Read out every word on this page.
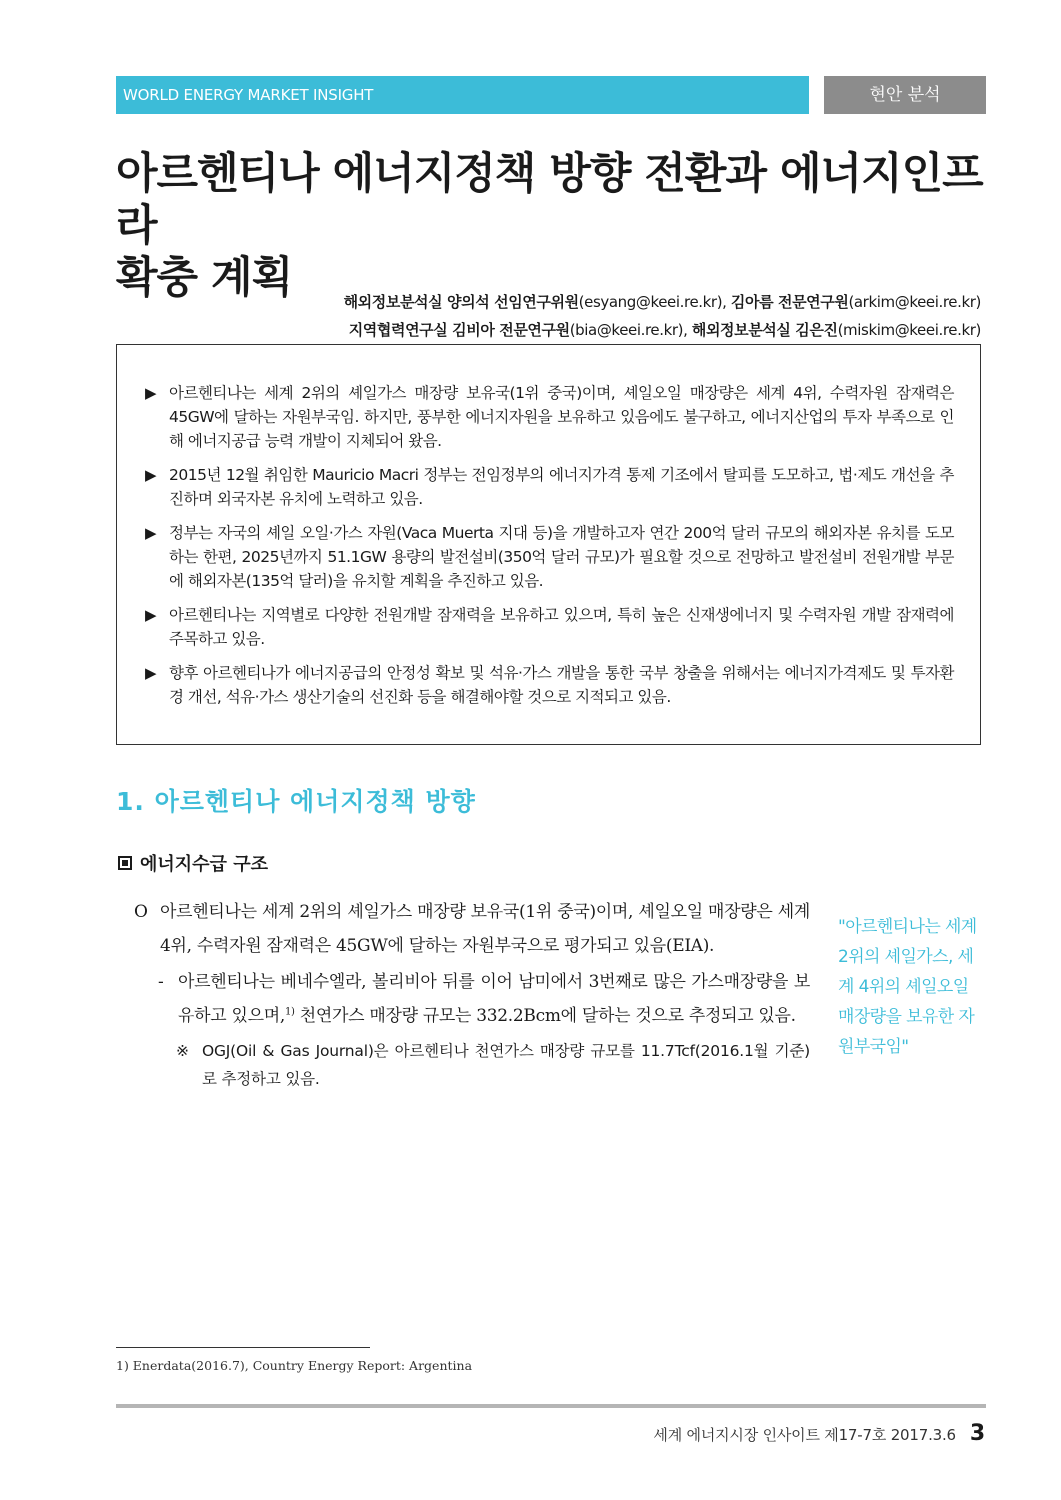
WORLD ENERGY MARKET INSIGHT	현안 분석
아르헨티나 에너지정책 방향 전환과 에너지인프라
확충 계획	해외정보분석실 양의석 선임연구위원(esyang@keei.re.kr), 김아름 전문연구원(arkim@keei.re.kr)
지역협력연구실 김비아 전문연구원(bia@keei.re.kr), 해외정보분석실 김은진(miskim@keei.re.kr)
▶ 아르헨티나는 세계 2위의 셰일가스 매장량 보유국(1위 중국)이며, 셰일오일 매장량은 세계 4위, 수력자원 잠재력은 45GW에 달하는 자원부국임. 하지만, 풍부한 에너지자원을 보유하고 있음에도 불구하고, 에너지산업의 투자 부족으로 인해 에너지공급 능력 개발이 지체되어 왔음.
▶ 2015년 12월 취임한 Mauricio Macri 정부는 전임정부의 에너지가격 통제 기조에서 탈피를 도모하고, 법·제도 개선을 추진하며 외국자본 유치에 노력하고 있음.
▶ 정부는 자국의 셰일 오일·가스 자원(Vaca Muerta 지대 등)을 개발하고자 연간 200억 달러 규모의 해외자본 유치를 도모하는 한편, 2025년까지 51.1GW 용량의 발전설비(350억 달러 규모)가 필요할 것으로 전망하고 발전설비 전원개발 부문에 해외자본(135억 달러)을 유치할 계획을 추진하고 있음.
▶ 아르헨티나는 지역별로 다양한 전원개발 잠재력을 보유하고 있으며, 특히 높은 신재생에너지 및 수력자원 개발 잠재력에 주목하고 있음.
▶ 향후 아르헨티나가 에너지공급의 안정성 확보 및 석유·가스 개발을 통한 국부 창출을 위해서는 에너지가격제도 및 투자환경 개선, 석유·가스 생산기술의 선진화 등을 해결해야할 것으로 지적되고 있음.
1. 아르헨티나 에너지정책 방향
에너지수급 구조
O 아르헨티나는 세계 2위의 셰일가스 매장량 보유국(1위 중국)이며, 셰일오일 매장량은 세계 4위, 수력자원 잠재력은 45GW에 달하는 자원부국으로 평가되고 있음(EIA).
- 아르헨티나는 베네수엘라, 볼리비아 뒤를 이어 남미에서 3번째로 많은 가스매장량을 보유하고 있으며,$^{1)}$ 천연가스 매장량 규모는 332.2Bcm에 달하는 것으로 추정되고 있음.
※ OGJ(Oil & Gas Journal)은 아르헨티나 천연가스 매장량 규모를 11.7Tcf(2016.1월 기준)로 추정하고 있음.
"아르헨티나는 세계 2위의 셰일가스, 세계 4위의 셰일오일 매장량을 보유한 자원부국임"
1) Enerdata(2016.7), Country Energy Report: Argentina
세계 에너지시장 인사이트 제17-7호 2017.3.6 3
